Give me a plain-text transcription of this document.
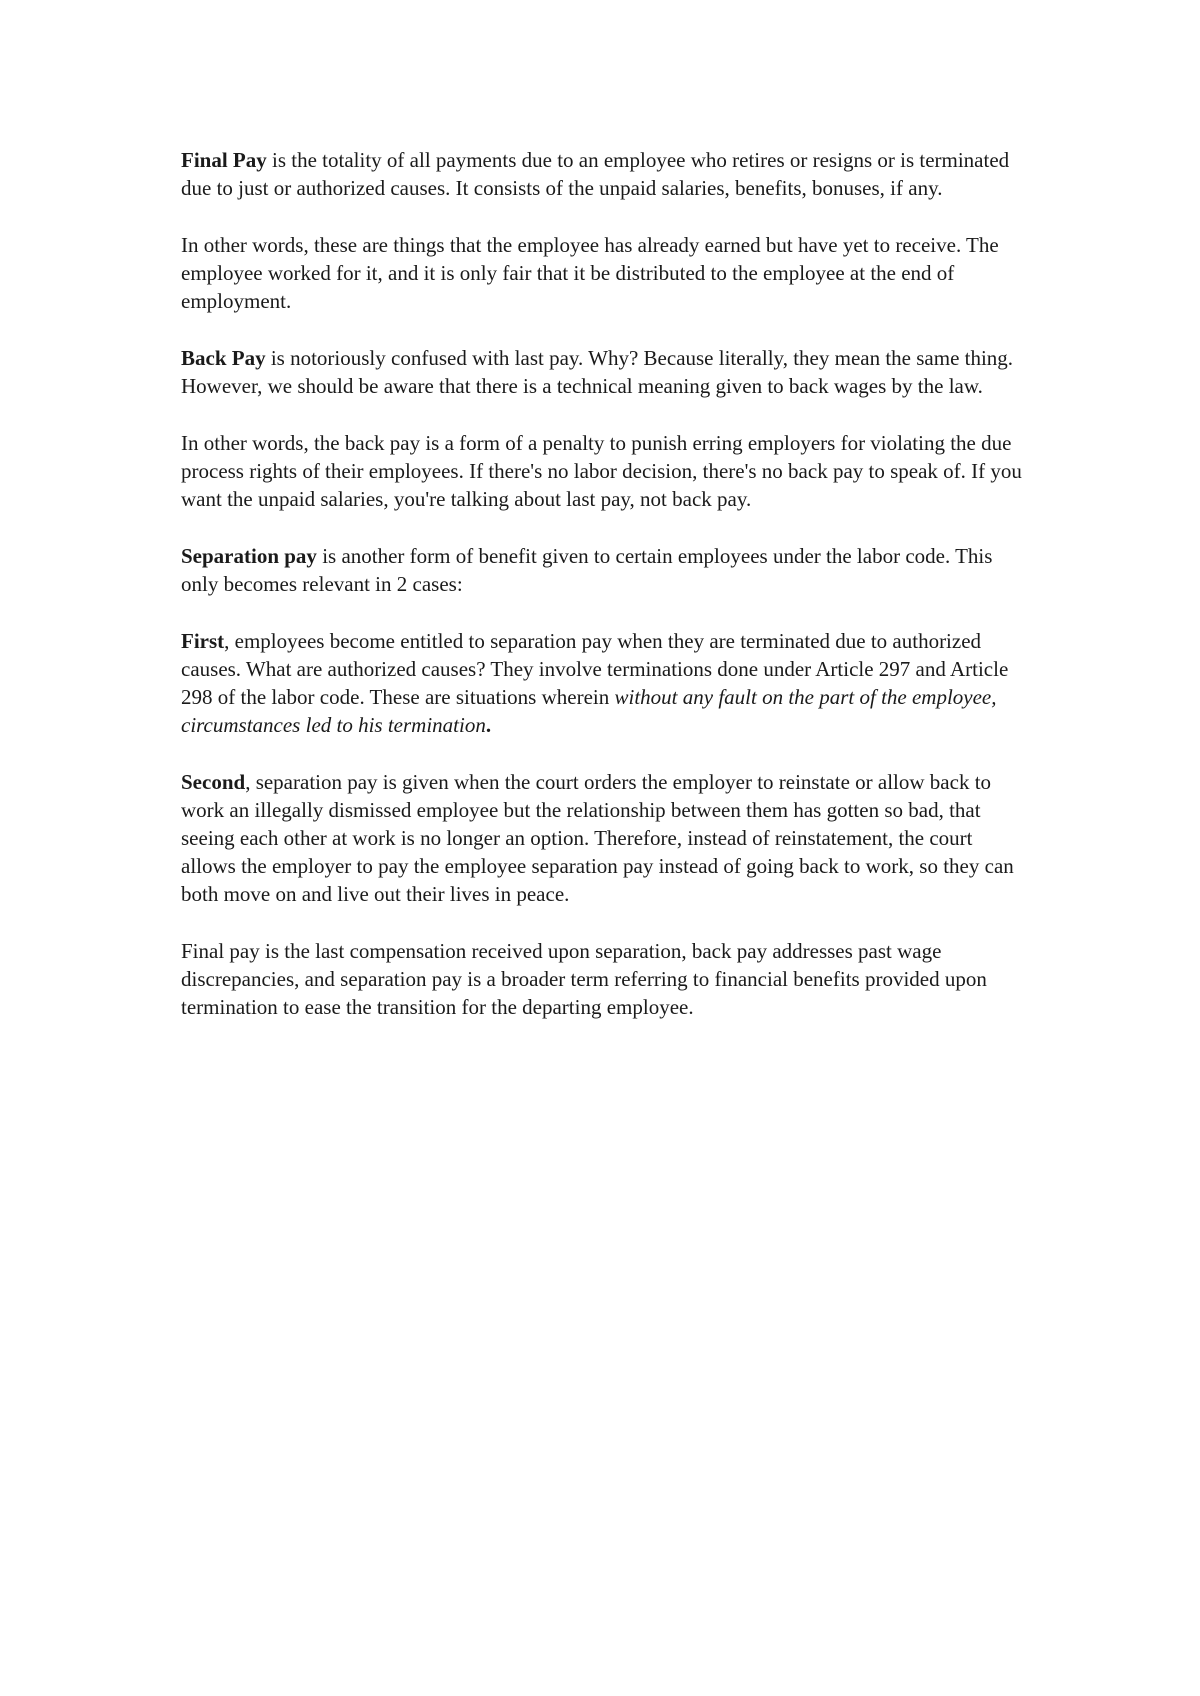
Final Pay is the totality of all payments due to an employee who retires or resigns or is terminated due to just or authorized causes. It consists of the unpaid salaries, benefits, bonuses, if any.

In other words, these are things that the employee has already earned but have yet to receive. The employee worked for it, and it is only fair that it be distributed to the employee at the end of employment.

Back Pay is notoriously confused with last pay. Why? Because literally, they mean the same thing. However, we should be aware that there is a technical meaning given to back wages by the law.

In other words, the back pay is a form of a penalty to punish erring employers for violating the due process rights of their employees. If there's no labor decision, there's no back pay to speak of. If you want the unpaid salaries, you're talking about last pay, not back pay.

Separation pay is another form of benefit given to certain employees under the labor code. This only becomes relevant in 2 cases:

First, employees become entitled to separation pay when they are terminated due to authorized causes. What are authorized causes? They involve terminations done under Article 297 and Article 298 of the labor code. These are situations wherein without any fault on the part of the employee, circumstances led to his termination.

Second, separation pay is given when the court orders the employer to reinstate or allow back to work an illegally dismissed employee but the relationship between them has gotten so bad, that seeing each other at work is no longer an option. Therefore, instead of reinstatement, the court allows the employer to pay the employee separation pay instead of going back to work, so they can both move on and live out their lives in peace.

Final pay is the last compensation received upon separation, back pay addresses past wage discrepancies, and separation pay is a broader term referring to financial benefits provided upon termination to ease the transition for the departing employee.
